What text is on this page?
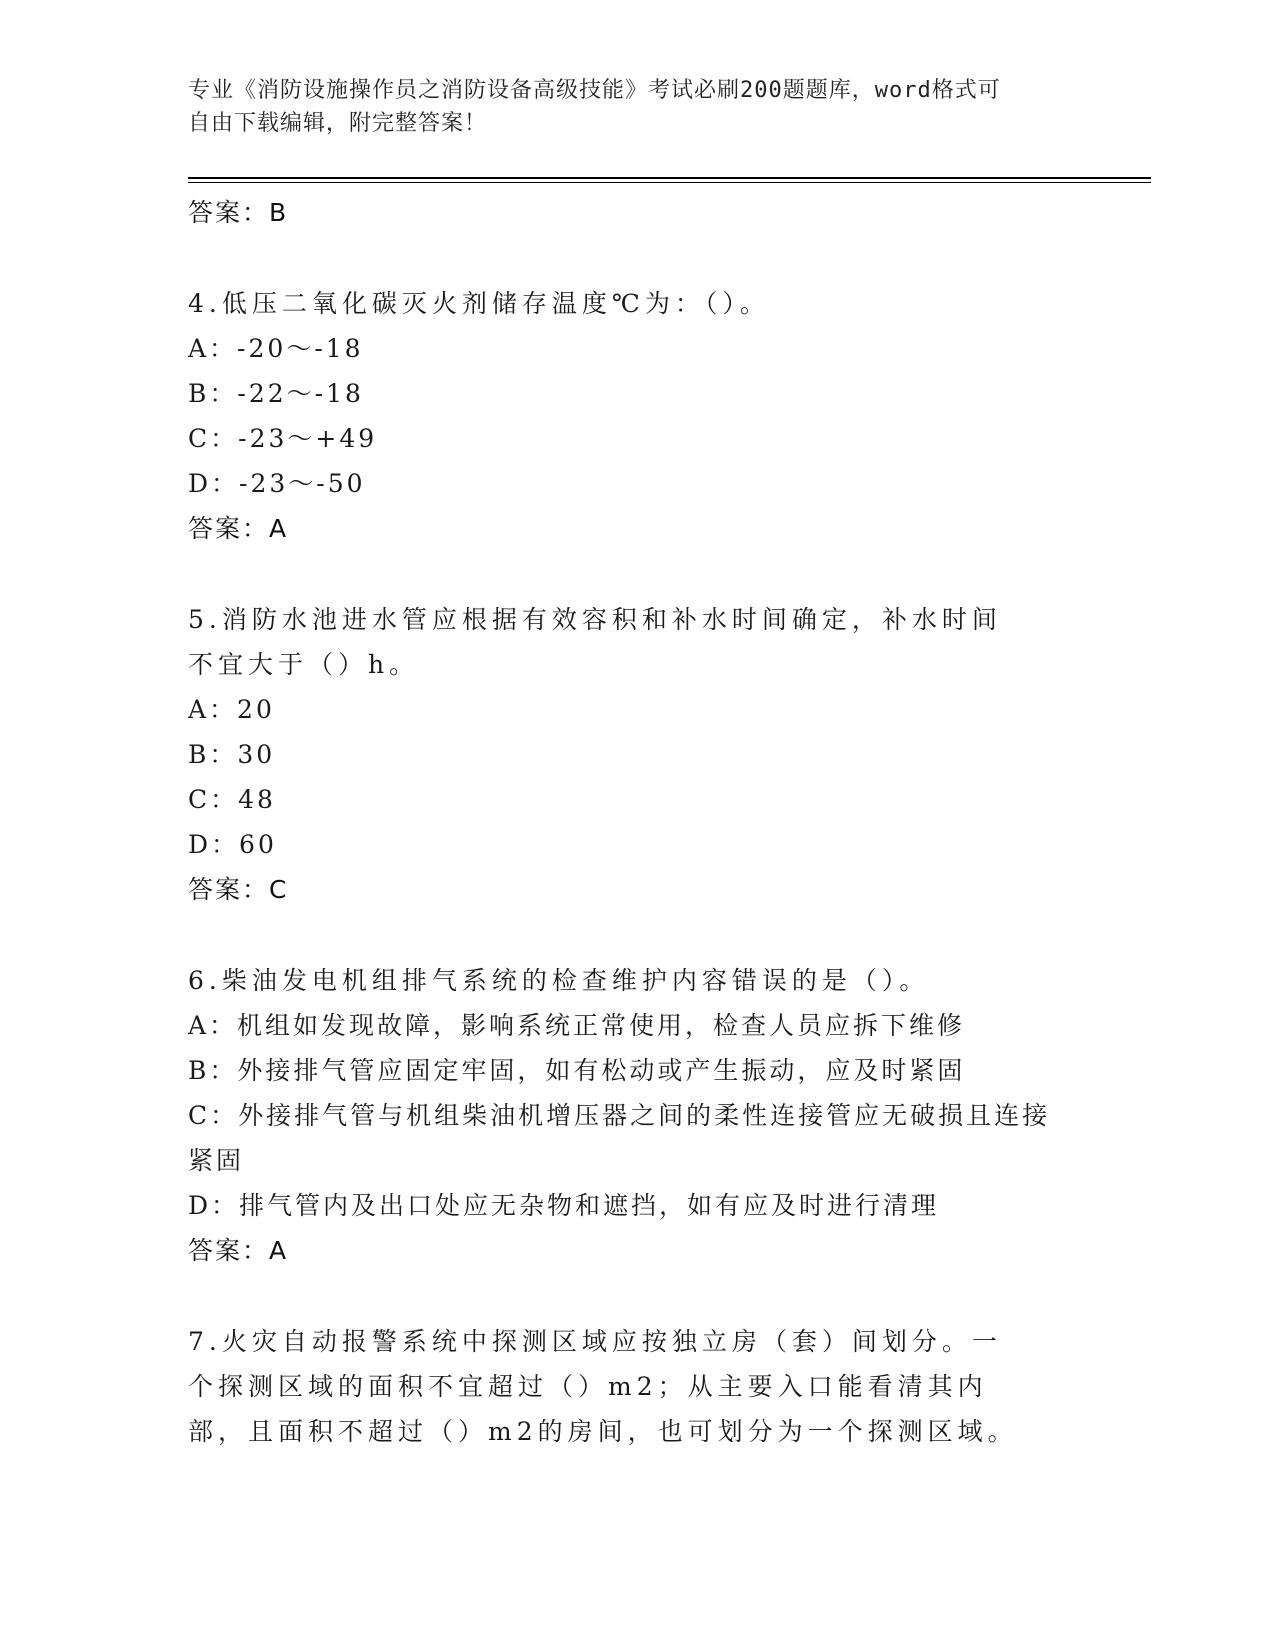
专业《消防设施操作员之消防设备高级技能》考试必刷200题题库，word格式可
自由下载编辑，附完整答案！
答案：B
4.低压二氧化碳灭火剂储存温度℃为：（）。
A：-20～-18
B：-22～-18
C：-23～+49
D：-23～-50
答案：A
5.消防水池进水管应根据有效容积和补水时间确定，补水时间不宜大于（）h。
A：20
B：30
C：48
D：60
答案：C
6.柴油发电机组排气系统的检查维护内容错误的是（）。
A：机组如发现故障，影响系统正常使用，检查人员应拆下维修
B：外接排气管应固定牢固，如有松动或产生振动，应及时紧固
C：外接排气管与机组柴油机增压器之间的柔性连接管应无破损且连接紧固
D：排气管内及出口处应无杂物和遮挡，如有应及时进行清理
答案：A
7.火灾自动报警系统中探测区域应按独立房（套）间划分。一个探测区域的面积不宜超过（）m2；从主要入口能看清其内部，且面积不超过（）m2的房间，也可划分为一个探测区域。
